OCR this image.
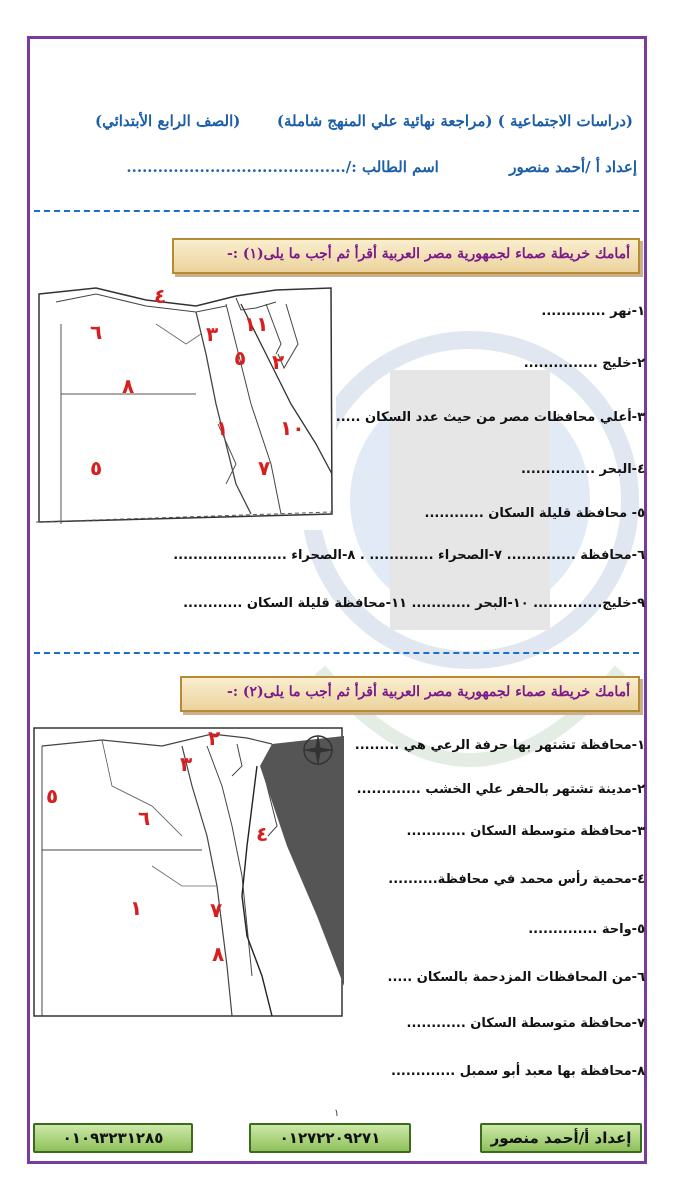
(دراسات الاجتماعية ) (مراجعة نهائية علي المنهج شاملة)  (الصف الرابع الأبتدائي)
إعداد أ /أحمد منصور  اسم الطالب :/..........................................
أمامك خريطة صماء لجمهورية مصر العربية أقرأ ثم أجب ما يلى(١) :-
٤
٦	٣ ١١
٥ ٢
٨
١	١٠
٥	٧
١-نهر .............
٢-خليج ...............
٣-أعلي محافظات مصر من حيث عدد السكان .....
٤-البحر ...............
٥- محافظة قليلة السكان ............
٦-محافظة .............. ٧-الصحراء ............. . ٨-الصحراء .......................
٩-خليج.............. ١٠-البحر ............ ١١-محافظة قليلة السكان ............
أمامك خريطة صماء لجمهورية مصر العربية أقرأ ثم أجب ما يلى(٢) :-
٢
٣
٥
٦
٤
١	٧
٨
١-محافظة تشتهر بها حرفة الرعي هي .........
٢-مدينة تشتهر بالحفر علي الخشب .............
٣-محافظة متوسطة السكان ............
٤-محمية رأس محمد في محافظة..........
٥-واحة ..............
٦-من المحافظات المزدحمة بالسكان .....
٧-محافظة متوسطة السكان ............
٨-محافظة بها معبد أبو سمبل .............
١
٠١٠٩٣٢٣١٢٨٥	٠١٢٧٢٢٠٩٢٧١	إعداد أ/أحمد منصور
